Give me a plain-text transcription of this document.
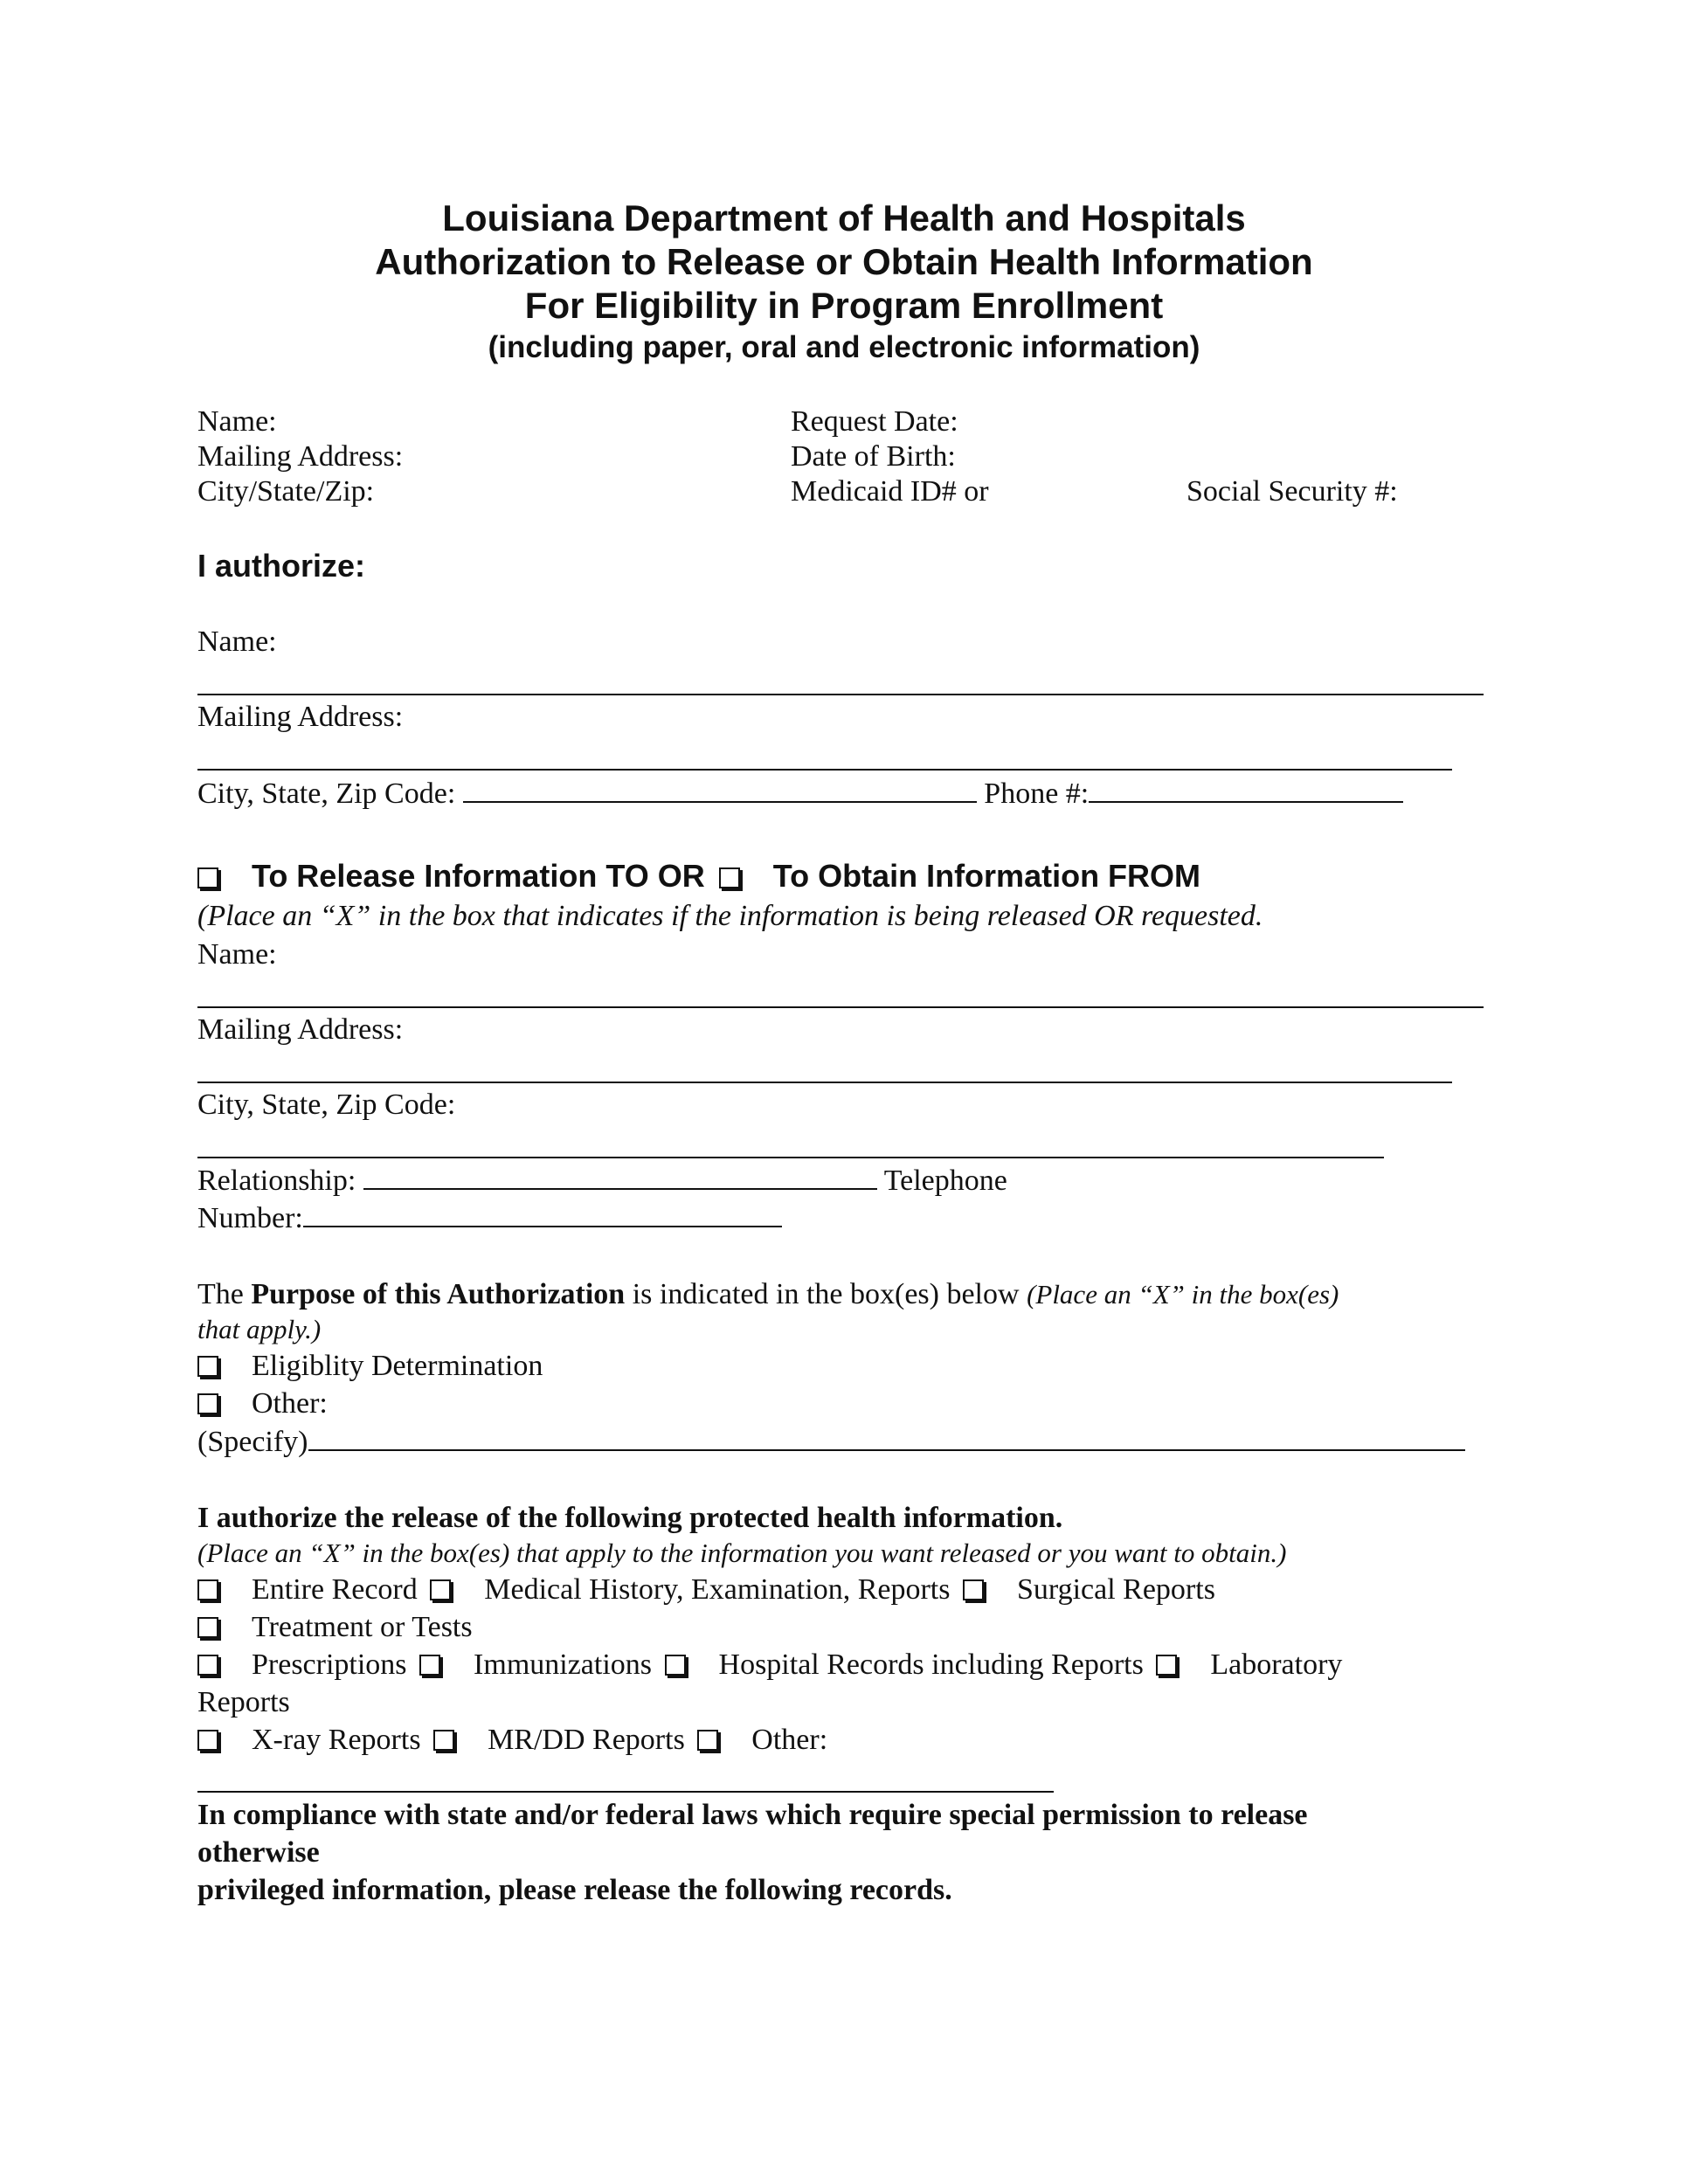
Louisiana Department of Health and Hospitals
Authorization to Release or Obtain Health Information
For Eligibility in Program Enrollment
(including paper, oral and electronic information)
Name:
Mailing Address:
City/State/Zip:
Request Date:
Date of Birth:
Medicaid ID# or	Social Security #:
I authorize:
Name:
Mailing Address:
City, State, Zip Code:	Phone #:
To Release Information TO OR To Obtain Information FROM
(Place an “X” in the box that indicates if the information is being released OR requested.
Name:
Mailing Address:
City, State, Zip Code:
Relationship:	Telephone
Number:
The Purpose of this Authorization is indicated in the box(es) below (Place an “X” in the box(es)
that apply.)
Eligiblity Determination
Other:
(Specify)
I authorize the release of the following protected health information.
(Place an “X” in the box(es) that apply to the information you want released or you want to obtain.)
Entire Record Medical History, Examination, Reports Surgical Reports
Treatment or Tests
Prescriptions Immunizations Hospital Records including Reports Laboratory
Reports
X-ray Reports MR/DD Reports Other:
In compliance with state and/or federal laws which require special permission to release
otherwise
privileged information, please release the following records.
